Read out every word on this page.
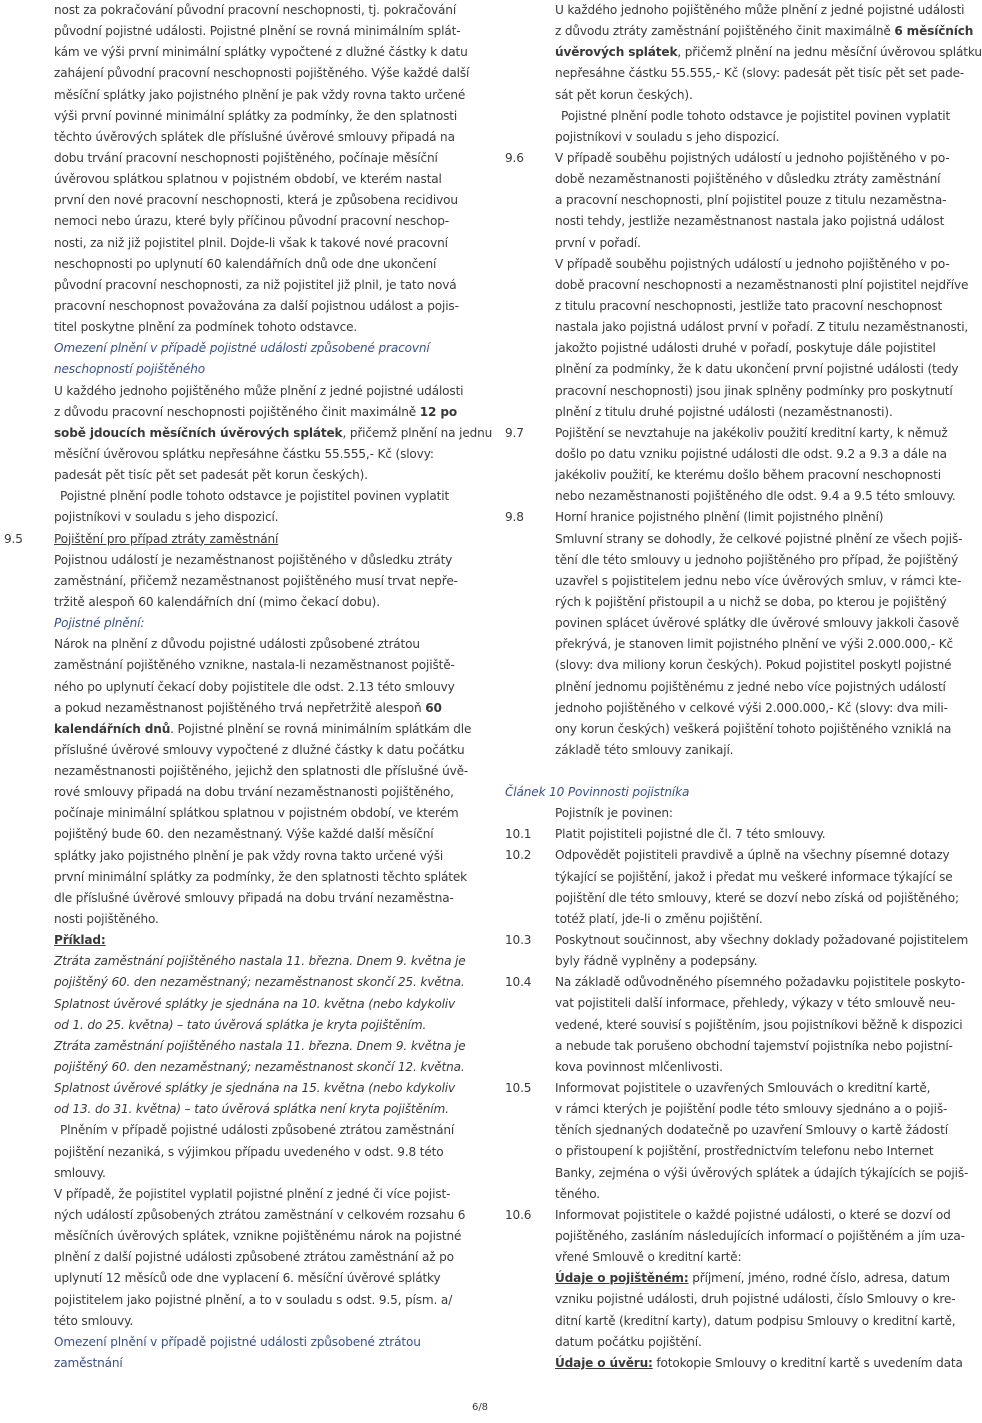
nost za pokračování původní pracovní neschopnosti, tj. pokračování
původní pojistné události. Pojistné plnění se rovná minimálním splát-
kám ve výši první minimální splátky vypočtené z dlužné částky k datu
zahájení původní pracovní neschopnosti pojištěného. Výše každé další
měsíční splátky jako pojistného plnění je pak vždy rovna takto určené
výši první povinné minimální splátky za podmínky, že den splatnosti
těchto úvěrových splátek dle příslušné úvěrové smlouvy připadá na
dobu trvání pracovní neschopnosti pojištěného, počínaje měsíční
úvěrovou splátkou splatnou v pojistném období, ve kterém nastal
první den nové pracovní neschopnosti, která je způsobena recidivou
nemoci nebo úrazu, které byly příčinou původní pracovní neschop-
nosti, za niž již pojistitel plnil. Dojde-li však k takové nové pracovní
neschopnosti po uplynutí 60 kalendářních dnů ode dne ukončení
původní pracovní neschopnosti, za niž pojistitel již plnil, je tato nová
pracovní neschopnost považována za další pojistnou událost a pojis-
titel poskytne plnění za podmínek tohoto odstavce.
Omezení plnění v případě pojistné události způsobené pracovní
neschopností pojištěného
U každého jednoho pojištěného může plnění z jedné pojistné události
z důvodu pracovní neschopnosti pojištěného činit maximálně 12 po
sobě jdoucích měsíčních úvěrových splátek, přičemž plnění na jednu
měsíční úvěrovou splátku nepřesáhne částku 55.555,- Kč (slovy:
padesát pět tisíc pět set padesát pět korun českých).
Pojistné plnění podle tohoto odstavce je pojistitel povinen vyplatit
pojistníkovi v souladu s jeho dispozicí.
9.5	Pojištění pro případ ztráty zaměstnání
Pojistnou událostí je nezaměstnanost pojištěného v důsledku ztráty
zaměstnání, přičemž nezaměstnanost pojištěného musí trvat nepře-
tržitě alespoň 60 kalendářních dní (mimo čekací dobu).
Pojistné plnění:
Nárok na plnění z důvodu pojistné události způsobené ztrátou
zaměstnání pojištěného vznikne, nastala-li nezaměstnanost pojiště-
ného po uplynutí čekací doby pojistitele dle odst. 2.13 této smlouvy
a pokud nezaměstnanost pojištěného trvá nepřetržitě alespoň 60
kalendářních dnů. Pojistné plnění se rovná minimálním splátkám dle
příslušné úvěrové smlouvy vypočtené z dlužné částky k datu počátku
nezaměstnanosti pojištěného, jejichž den splatnosti dle příslušné úvě-
rové smlouvy připadá na dobu trvání nezaměstnanosti pojištěného,
počínaje minimální splátkou splatnou v pojistném období, ve kterém
pojištěný bude 60. den nezaměstnaný. Výše každé další měsíční
splátky jako pojistného plnění je pak vždy rovna takto určené výši
první minimální splátky za podmínky, že den splatnosti těchto splátek
dle příslušné úvěrové smlouvy připadá na dobu trvání nezaměstna-
nosti pojištěného.
Příklad:
Ztráta zaměstnání pojištěného nastala 11. března. Dnem 9. května je
pojištěný 60. den nezaměstnaný; nezaměstnanost skončí 25. května.
Splatnost úvěrové splátky je sjednána na 10. května (nebo kdykoliv
od 1. do 25. května) – tato úvěrová splátka je kryta pojištěním.
Ztráta zaměstnání pojištěného nastala 11. března. Dnem 9. května je
pojištěný 60. den nezaměstnaný; nezaměstnanost skončí 12. května.
Splatnost úvěrové splátky je sjednána na 15. května (nebo kdykoliv
od 13. do 31. května) – tato úvěrová splátka není kryta pojištěním.
Plněním v případě pojistné události způsobené ztrátou zaměstnání
pojištění nezaniká, s výjimkou případu uvedeného v odst. 9.8 této
smlouvy.
V případě, že pojistitel vyplatil pojistné plnění z jedné či více pojist-
ných událostí způsobených ztrátou zaměstnání v celkovém rozsahu 6
měsíčních úvěrových splátek, vznikne pojištěnému nárok na pojistné
plnění z další pojistné události způsobené ztrátou zaměstnání až po
uplynutí 12 měsíců ode dne vyplacení 6. měsíční úvěrové splátky
pojistitelem jako pojistné plnění, a to v souladu s odst. 9.5, písm. a/
této smlouvy.
Omezení plnění v případě pojistné události způsobené ztrátou
zaměstnání
U každého jednoho pojištěného může plnění z jedné pojistné události
z důvodu ztráty zaměstnání pojištěného činit maximálně 6 měsíčních
úvěrových splátek, přičemž plnění na jednu měsíční úvěrovou splátku
nepřesáhne částku 55.555,- Kč (slovy: padesát pět tisíc pět set pade-
sát pět korun českých).
Pojistné plnění podle tohoto odstavce je pojistitel povinen vyplatit
pojistníkovi v souladu s jeho dispozicí.
9.6	V případě souběhu pojistných událostí u jednoho pojištěného v po-
době nezaměstnanosti pojištěného v důsledku ztráty zaměstnání
a pracovní neschopnosti, plní pojistitel pouze z titulu nezaměstna-
nosti tehdy, jestliže nezaměstnanost nastala jako pojistná událost
první v pořadí.
V případě souběhu pojistných událostí u jednoho pojištěného v po-
době pracovní neschopnosti a nezaměstnanosti plní pojistitel nejdříve
z titulu pracovní neschopnosti, jestliže tato pracovní neschopnost
nastala jako pojistná událost první v pořadí. Z titulu nezaměstnanosti,
jakožto pojistné události druhé v pořadí, poskytuje dále pojistitel
plnění za podmínky, že k datu ukončení první pojistné události (tedy
pracovní neschopnosti) jsou jinak splněny podmínky pro poskytnutí
plnění z titulu druhé pojistné události (nezaměstnanosti).
9.7	Pojištění se nevztahuje na jakékoliv použití kreditní karty, k němuž
došlo po datu vzniku pojistné události dle odst. 9.2 a 9.3 a dále na
jakékoliv použití, ke kterému došlo během pracovní neschopnosti
nebo nezaměstnanosti pojištěného dle odst. 9.4 a 9.5 této smlouvy.
9.8	Horní hranice pojistného plnění (limit pojistného plnění)
Smluvní strany se dohodly, že celkové pojistné plnění ze všech pojiš-
tění dle této smlouvy u jednoho pojištěného pro případ, že pojištěný
uzavřel s pojistitelem jednu nebo více úvěrových smluv, v rámci kte-
rých k pojištění přistoupil a u nichž se doba, po kterou je pojištěný
povinen splácet úvěrové splátky dle úvěrové smlouvy jakkoli časově
překrývá, je stanoven limit pojistného plnění ve výši 2.000.000,- Kč
(slovy: dva miliony korun českých). Pokud pojistitel poskytl pojistné
plnění jednomu pojištěnému z jedné nebo více pojistných událostí
jednoho pojištěného v celkové výši 2.000.000,- Kč (slovy: dva mili-
ony korun českých) veškerá pojištění tohoto pojištěného vzniklá na
základě této smlouvy zanikají.
Článek 10 Povinnosti pojistníka
Pojistník je povinen:
10.1 Platit pojistiteli pojistné dle čl. 7 této smlouvy.
10.2 Odpovědět pojistiteli pravdivě a úplně na všechny písemné dotazy
týkající se pojištění, jakož i předat mu veškeré informace týkající se
pojištění dle této smlouvy, které se dozví nebo získá od pojištěného;
totéž platí, jde-li o změnu pojištění.
10.3 Poskytnout součinnost, aby všechny doklady požadované pojistitelem
byly řádně vyplněny a podepsány.
10.4 Na základě odůvodněného písemného požadavku pojistitele poskyto-
vat pojistiteli další informace, přehledy, výkazy v této smlouvě neu-
vedené, které souvisí s pojištěním, jsou pojistníkovi běžně k dispozici
a nebude tak porušeno obchodní tajemství pojistníka nebo pojistní-
kova povinnost mlčenlivosti.
10.5 Informovat pojistitele o uzavřených Smlouvách o kreditní kartě,
v rámci kterých je pojištění podle této smlouvy sjednáno a o pojiš-
těních sjednaných dodatečně po uzavření Smlouvy o kartě žádostí
o přistoupení k pojištění, prostřednictvím telefonu nebo Internet
Banky, zejména o výši úvěrových splátek a údajích týkajících se pojiš-
těného.
10.6 Informovat pojistitele o každé pojistné události, o které se dozví od
pojištěného, zasláním následujících informací o pojištěném a jím uza-
vřené Smlouvě o kreditní kartě:
Údaje o pojištěném: příjmení, jméno, rodné číslo, adresa, datum
vzniku pojistné události, druh pojistné události, číslo Smlouvy o kre-
ditní kartě (kreditní karty), datum podpisu Smlouvy o kreditní kartě,
datum počátku pojištění.
Údaje o úvěru: fotokopie Smlouvy o kreditní kartě s uvedením data
6/8
